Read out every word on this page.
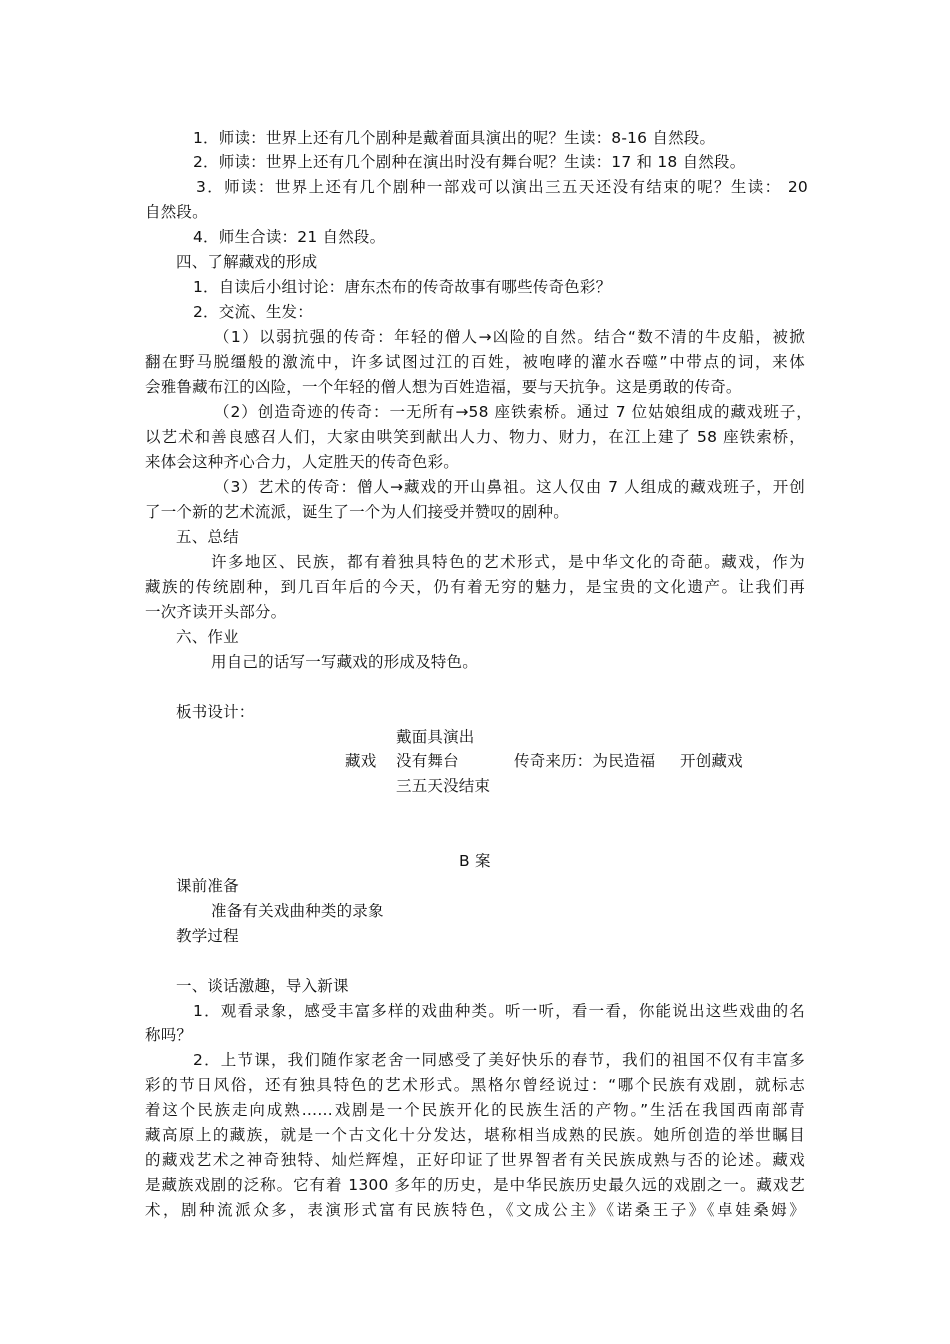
1．师读：世界上还有几个剧种是戴着面具演出的呢？生读：8-16 自然段。
2．师读：世界上还有几个剧种在演出时没有舞台呢？生读：17 和 18 自然段。
3．师读：世界上还有几个剧种一部戏可以演出三五天还没有结束的呢？生读： 20
自然段。
4．师生合读：21 自然段。
四、了解藏戏的形成
1．自读后小组讨论：唐东杰布的传奇故事有哪些传奇色彩？
2．交流、生发：
（1）以弱抗强的传奇：年轻的僧人→凶险的自然。结合“数不清的牛皮船，被掀
翻在野马脱缰般的激流中，许多试图过江的百姓，被咆哮的灌水吞噬”中带点的词，来体
会雅鲁藏布江的凶险，一个年轻的僧人想为百姓造福，要与天抗争。这是勇敢的传奇。
（2）创造奇迹的传奇：一无所有→58 座铁索桥。通过 7 位姑娘组成的藏戏班子，
以艺术和善良感召人们，大家由哄笑到献出人力、物力、财力，在江上建了 58 座铁索桥，
来体会这种齐心合力，人定胜天的传奇色彩。
（3）艺术的传奇：僧人→藏戏的开山鼻祖。这人仅由 7 人组成的藏戏班子，开创
了一个新的艺术流派，诞生了一个为人们接受并赞叹的剧种。
五、总结
许多地区、民族，都有着独具特色的艺术形式，是中华文化的奇葩。藏戏，作为
藏族的传统剧种，到几百年后的今天，仍有着无穷的魅力，是宝贵的文化遗产。让我们再
一次齐读开头部分。
六、作业
用自己的话写一写藏戏的形成及特色。
板书设计：
戴面具演出
藏戏 没有舞台	传奇来历：为民造福 开创藏戏
三五天没结束
B 案
课前准备
准备有关戏曲种类的录象
教学过程
一、谈话激趣，导入新课
1．观看录象，感受丰富多样的戏曲种类。听一听，看一看，你能说出这些戏曲的名
称吗？
2．上节课，我们随作家老舍一同感受了美好快乐的春节，我们的祖国不仅有丰富多
彩的节日风俗，还有独具特色的艺术形式。黑格尔曾经说过：“哪个民族有戏剧，就标志
着这个民族走向成熟……戏剧是一个民族开化的民族生活的产物。”生活在我国西南部青
藏高原上的藏族，就是一个古文化十分发达，堪称相当成熟的民族。她所创造的举世瞩目
的藏戏艺术之神奇独特、灿烂辉煌，正好印证了世界智者有关民族成熟与否的论述。藏戏
是藏族戏剧的泛称。它有着 1300 多年的历史，是中华民族历史最久远的戏剧之一。藏戏艺
术，剧种流派众多，表演形式富有民族特色，《文成公主》《诺桑王子》《卓娃桑姆》
